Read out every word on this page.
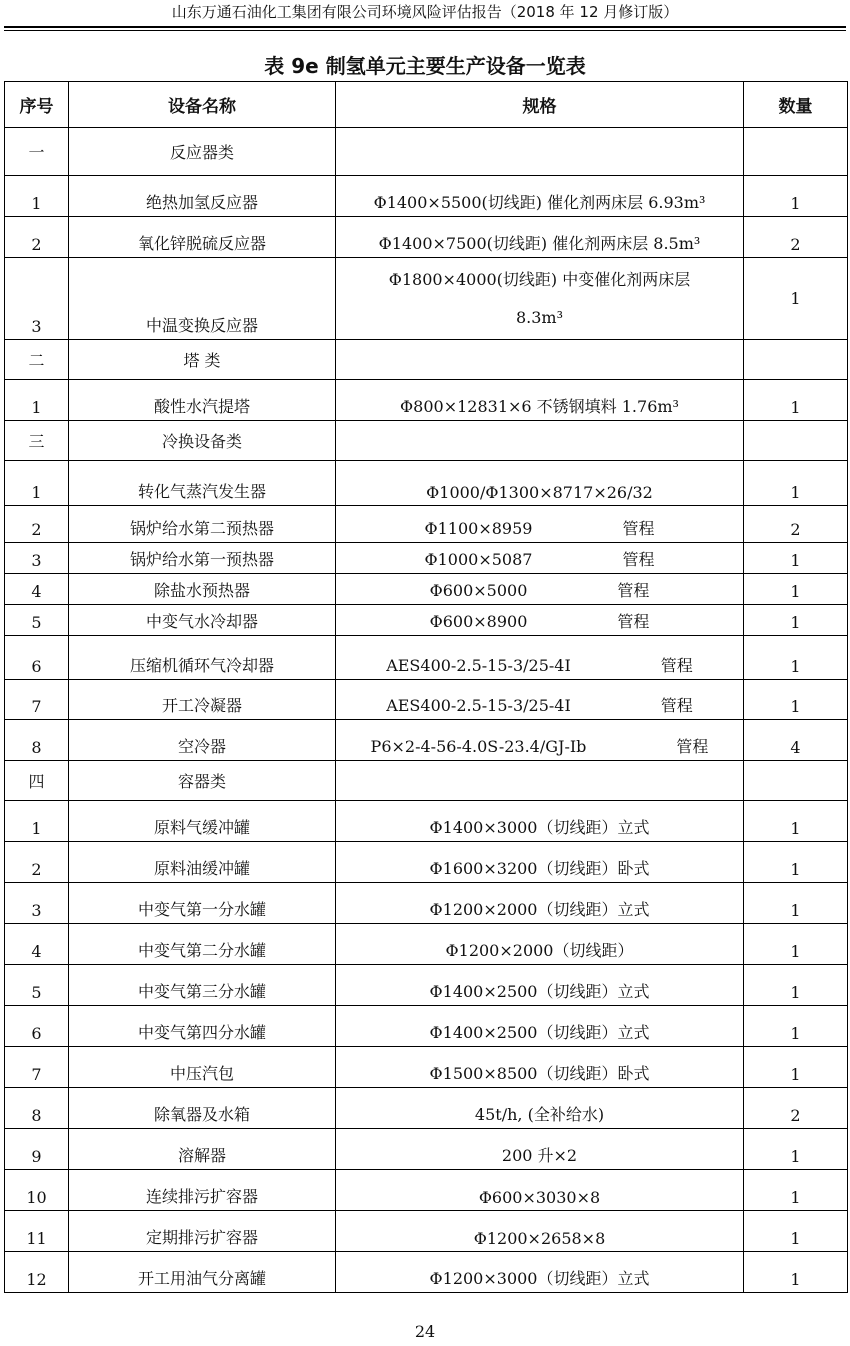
山东万通石油化工集团有限公司环境风险评估报告（2018 年 12 月修订版）
表 9e 制氢单元主要生产设备一览表
序号	设备名称	规格	数量
一	反应器类		
1	绝热加氢反应器	Φ1400×5500(切线距) 催化剂两床层 6.93m³	1
2	氧化锌脱硫反应器	Φ1400×7500(切线距) 催化剂两床层 8.5m³	2
3	中温变换反应器	Φ1800×4000(切线距) 中变催化剂两床层
8.3m³	1
二	塔 类		
1	酸性水汽提塔	Φ800×12831×6 不锈钢填料 1.76m³	1
三	冷换设备类		
1	转化气蒸汽发生器	Φ1000/Φ1300×8717×26/32	1
2	锅炉给水第二预热器	Φ1100×8959 管程	2
3	锅炉给水第一预热器	Φ1000×5087 管程	1
4	除盐水预热器	Φ600×5000 管程	1
5	中变气水冷却器	Φ600×8900 管程	1
6	压缩机循环气冷却器	AES400-2.5-15-3/25-4I 管程	1
7	开工冷凝器	AES400-2.5-15-3/25-4I 管程	1
8	空冷器	P6×2-4-56-4.0S-23.4/GJ-Ib 管程	4
四	容器类		
1	原料气缓冲罐	Φ1400×3000（切线距）立式	1
2	原料油缓冲罐	Φ1600×3200（切线距）卧式	1
3	中变气第一分水罐	Φ1200×2000（切线距）立式	1
4	中变气第二分水罐	Φ1200×2000（切线距）	1
5	中变气第三分水罐	Φ1400×2500（切线距）立式	1
6	中变气第四分水罐	Φ1400×2500（切线距）立式	1
7	中压汽包	Φ1500×8500（切线距）卧式	1
8	除氧器及水箱	45t/h, (全补给水)	2
9	溶解器	200 升×2	1
10	连续排污扩容器	Φ600×3030×8	1
11	定期排污扩容器	Φ1200×2658×8	1
12	开工用油气分离罐	Φ1200×3000（切线距）立式	1
24
